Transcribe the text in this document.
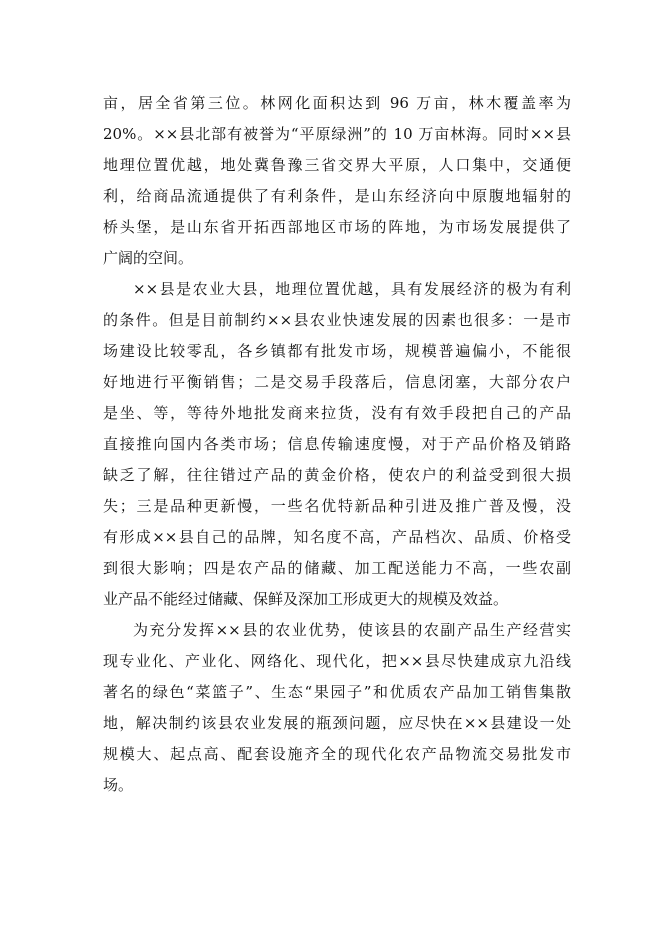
亩，居全省第三位。林网化面积达到 96 万亩，林木覆盖率为
20%。××县北部有被誉为“平原绿洲”的 10 万亩林海。同时××县
地理位置优越，地处冀鲁豫三省交界大平原，人口集中，交通便
利，给商品流通提供了有利条件，是山东经济向中原腹地辐射的
桥头堡，是山东省开拓西部地区市场的阵地，为市场发展提供了
广阔的空间。
××县是农业大县，地理位置优越，具有发展经济的极为有利
的条件。但是目前制约××县农业快速发展的因素也很多：一是市
场建设比较零乱，各乡镇都有批发市场，规模普遍偏小，不能很
好地进行平衡销售；二是交易手段落后，信息闭塞，大部分农户
是坐、等，等待外地批发商来拉货，没有有效手段把自己的产品
直接推向国内各类市场；信息传输速度慢，对于产品价格及销路
缺乏了解，往往错过产品的黄金价格，使农户的利益受到很大损
失；三是品种更新慢，一些名优特新品种引进及推广普及慢，没
有形成××县自己的品牌，知名度不高，产品档次、品质、价格受
到很大影响；四是农产品的储藏、加工配送能力不高，一些农副
业产品不能经过储藏、保鲜及深加工形成更大的规模及效益。
为充分发挥××县的农业优势，使该县的农副产品生产经营实
现专业化、产业化、网络化、现代化，把××县尽快建成京九沿线
著名的绿色“菜篮子”、生态“果园子”和优质农产品加工销售集散
地，解决制约该县农业发展的瓶颈问题，应尽快在××县建设一处
规模大、起点高、配套设施齐全的现代化农产品物流交易批发市
场。
